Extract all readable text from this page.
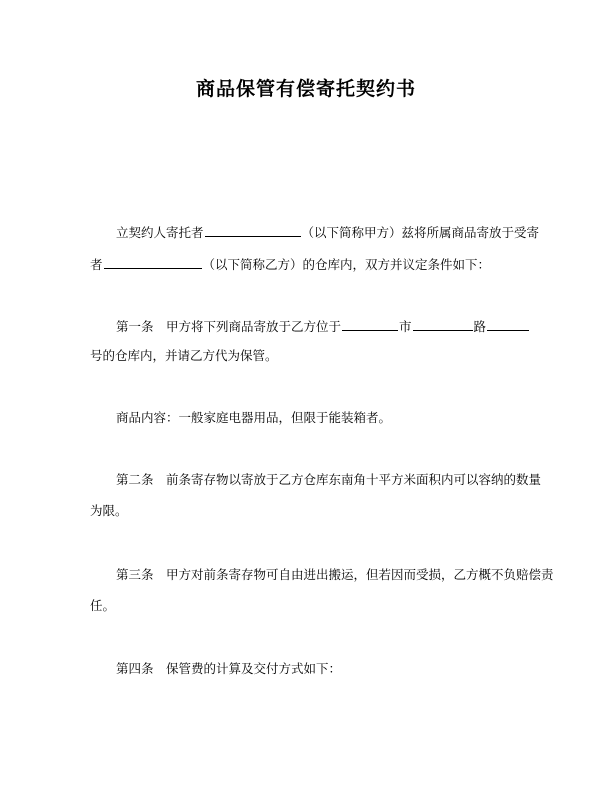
商品保管有偿寄托契约书
立契约人寄托者	（以下简称甲方）兹将所属商品寄放于受寄
者	（以下简称乙方）的仓库内，双方并议定条件如下：
第一条　甲方将下列商品寄放于乙方位于	市	路
号的仓库内，并请乙方代为保管。
商品内容：一般家庭电器用品，但限于能装箱者。
第二条　前条寄存物以寄放于乙方仓库东南角十平方米面积内可以容纳的数量
为限。
第三条　甲方对前条寄存物可自由进出搬运，但若因而受损，乙方概不负赔偿责
任。
第四条　保管费的计算及交付方式如下：
